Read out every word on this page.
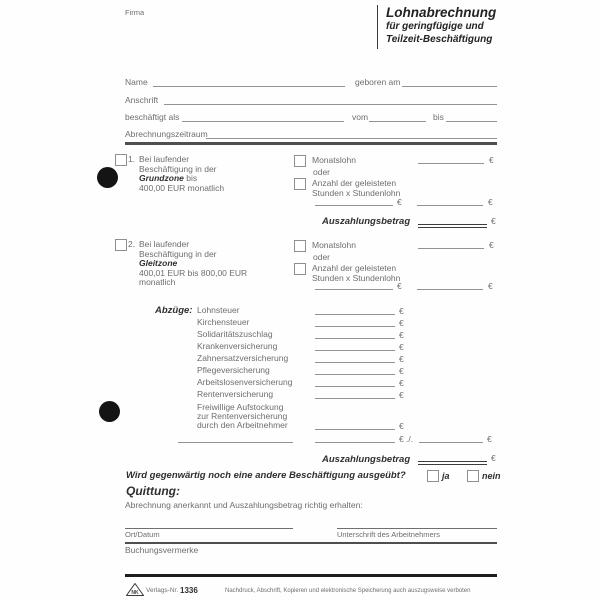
Firma	Lohnabrechnung
für geringfügige und
Teilzeit-Beschäftigung
Name	geboren am
Anschrift
beschäftigt als	vom	bis
Abrechnungszeitraum
1. Bei laufender
Beschäftigung in der
Grundzone bis
400,00 EUR monatlich
Monatslohn	€
oder
Anzahl der geleisteten
Stunden x Stundenlohn
€	€
Auszahlungsbetrag	€
2. Bei laufender
Beschäftigung in der
Gleitzone
400,01 EUR bis 800,00 EUR
monatlich
Monatslohn	€
oder
Anzahl der geleisteten
Stunden x Stundenlohn
€	€
Abzüge: Lohnsteuer	€
Kirchensteuer	€
Solidaritätszuschlag	€
Krankenversicherung	€
Zahnersatzversicherung	€
Pflegeversicherung	€
Arbeitslosenversicherung	€
Rentenversicherung	€
Freiwillige Aufstockung
zur Rentenversicherung
durch den Arbeitnehmer	€
€ ./.	€
Auszahlungsbetrag	€
Wird gegenwärtig noch eine andere Beschäftigung ausgeübt?	ja	nein
Quittung:
Abrechnung anerkannt und Auszahlungsbetrag richtig erhalten:
Ort/Datum	Unterschrift des Arbeitnehmers
Buchungsvermerke
NK Verlags-Nr. 1336	Nachdruck, Abschrift, Kopieren und elektronische Speicherung auch auszugsweise verboten
